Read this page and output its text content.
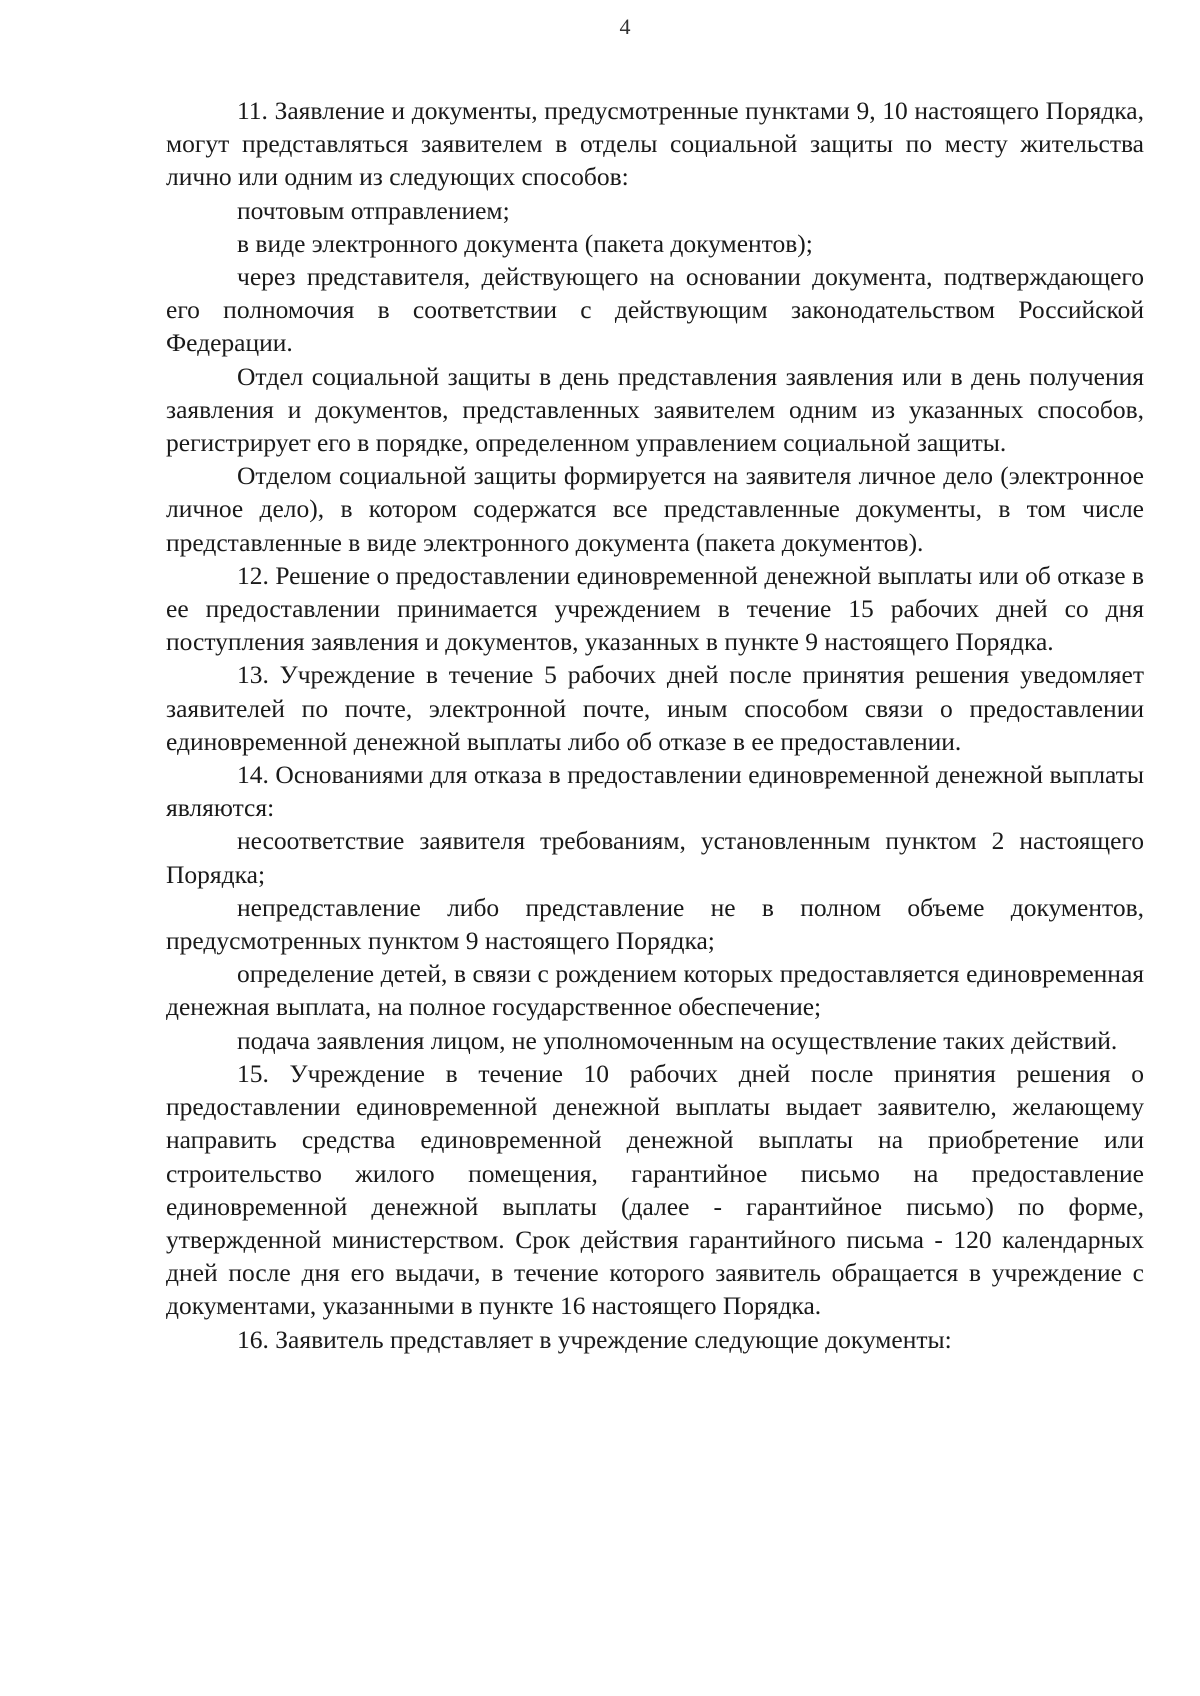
4

11. Заявление и документы, предусмотренные пунктами 9, 10 настоящего Порядка, могут представляться заявителем в отделы социальной защиты по месту жительства лично или одним из следующих способов:

почтовым отправлением;

в виде электронного документа (пакета документов);

через представителя, действующего на основании документа, подтверждающего его полномочия в соответствии с действующим законодательством Российской Федерации.

Отдел социальной защиты в день представления заявления или в день получения заявления и документов, представленных заявителем одним из указанных способов, регистрирует его в порядке, определенном управлением социальной защиты.

Отделом социальной защиты формируется на заявителя личное дело (электронное личное дело), в котором содержатся все представленные документы, в том числе представленные в виде электронного документа (пакета документов).

12. Решение о предоставлении единовременной денежной выплаты или об отказе в ее предоставлении принимается учреждением в течение 15 рабочих дней со дня поступления заявления и документов, указанных в пункте 9 настоящего Порядка.

13. Учреждение в течение 5 рабочих дней после принятия решения уведомляет заявителей по почте, электронной почте, иным способом связи о предоставлении единовременной денежной выплаты либо об отказе в ее предоставлении.

14. Основаниями для отказа в предоставлении единовременной денежной выплаты являются:

несоответствие заявителя требованиям, установленным пунктом 2 настоящего Порядка;

непредставление либо представление не в полном объеме документов, предусмотренных пунктом 9 настоящего Порядка;

определение детей, в связи с рождением которых предоставляется единовременная денежная выплата, на полное государственное обеспечение;

подача заявления лицом, не уполномоченным на осуществление таких действий.

15. Учреждение в течение 10 рабочих дней после принятия решения о предоставлении единовременной денежной выплаты выдает заявителю, желающему направить средства единовременной денежной выплаты на приобретение или строительство жилого помещения, гарантийное письмо на предоставление единовременной денежной выплаты (далее - гарантийное письмо) по форме, утвержденной министерством. Срок действия гарантийного письма - 120 календарных дней после дня его выдачи, в течение которого заявитель обращается в учреждение с документами, указанными в пункте 16 настоящего Порядка.

16. Заявитель представляет в учреждение следующие документы:
